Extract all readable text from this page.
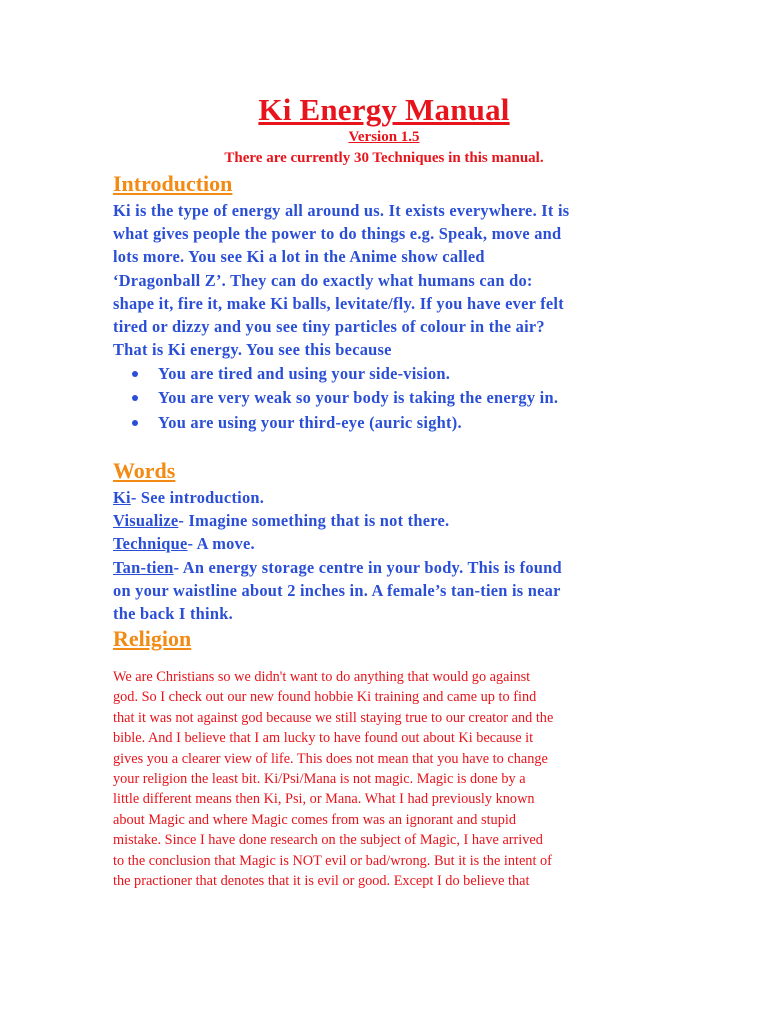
Ki Energy Manual
Version 1.5
There are currently 30 Techniques in this manual.
Introduction

Ki is the type of energy all around us. It exists everywhere. It is

what gives people the power to do things e.g. Speak, move and

lots more. You see Ki a lot in the Anime show called

‘Dragonball Z’. They can do exactly what humans can do:

shape it, fire it, make Ki balls, levitate/fly. If you have ever felt

tired or dizzy and you see tiny particles of colour in the air?

That is Ki energy. You see this because

You are tired and using your side-vision.
You are very weak so your body is taking the energy in.
You are using your third-eye (auric sight).
Words

Ki- See introduction.

Visualize- Imagine something that is not there.

Technique- A move.

Tan-tien- An energy storage centre in your body. This is found

on your waistline about 2 inches in. A female’s tan-tien is near

the back I think.

Religion

We are Christians so we didn't want to do anything that would go against

god. So I check out our new found hobbie Ki training and came up to find

that it was not against god because we still staying true to our creator and the

bible. And I believe that I am lucky to have found out about Ki because it

gives you a clearer view of life. This does not mean that you have to change

your religion the least bit. Ki/Psi/Mana is not magic. Magic is done by a

little different means then Ki, Psi, or Mana. What I had previously known

about Magic and where Magic comes from was an ignorant and stupid

mistake. Since I have done research on the subject of Magic, I have arrived

to the conclusion that Magic is NOT evil or bad/wrong. But it is the intent of

the practioner that denotes that it is evil or good. Except I do believe that
